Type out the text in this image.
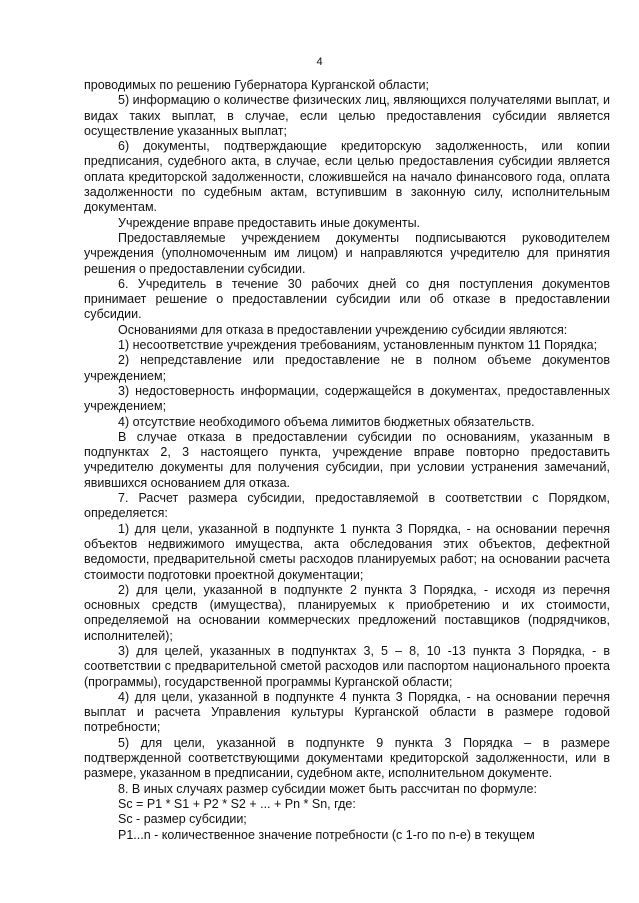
4

проводимых по решению Губернатора Курганской области;

5) информацию о количестве физических лиц, являющихся получателями выплат, и видах таких выплат, в случае, если целью предоставления субсидии является осуществление указанных выплат;

6) документы, подтверждающие кредиторскую задолженность, или копии предписания, судебного акта, в случае, если целью предоставления субсидии является оплата кредиторской задолженности, сложившейся на начало финансового года, оплата задолженности по судебным актам, вступившим в законную силу, исполнительным документам.

Учреждение вправе предоставить иные документы.

Предоставляемые учреждением документы подписываются руководителем учреждения (уполномоченным им лицом) и направляются учредителю для принятия решения о предоставлении субсидии.

6. Учредитель в течение 30 рабочих дней со дня поступления документов принимает решение о предоставлении субсидии или об отказе в предоставлении субсидии.

Основаниями для отказа в предоставлении учреждению субсидии являются:

1) несоответствие учреждения требованиям, установленным пунктом 11 Порядка;

2) непредставление или предоставление не в полном объеме документов учреждением;

3) недостоверность информации, содержащейся в документах, предоставленных учреждением;

4) отсутствие необходимого объема лимитов бюджетных обязательств.

В случае отказа в предоставлении субсидии по основаниям, указанным в подпунктах 2, 3 настоящего пункта, учреждение вправе повторно предоставить учредителю документы для получения субсидии, при условии устранения замечаний, явившихся основанием для отказа.

7. Расчет размера субсидии, предоставляемой в соответствии с Порядком, определяется:

1) для цели, указанной в подпункте 1 пункта 3 Порядка, - на основании перечня объектов недвижимого имущества, акта обследования этих объектов, дефектной ведомости, предварительной сметы расходов планируемых работ; на основании расчета стоимости подготовки проектной документации;

2) для цели, указанной в подпункте 2 пункта 3 Порядка, - исходя из перечня основных средств (имущества), планируемых к приобретению и их стоимости, определяемой на основании коммерческих предложений поставщиков (подрядчиков, исполнителей);

3) для целей, указанных в подпунктах 3, 5 – 8, 10 -13 пункта 3 Порядка, - в соответствии с предварительной сметой расходов или паспортом национального проекта (программы), государственной программы Курганской области;

4) для цели, указанной в подпункте 4 пункта 3 Порядка, - на основании перечня выплат и расчета Управления культуры Курганской области в размере годовой потребности;

5) для цели, указанной в подпункте 9 пункта 3 Порядка – в размере подтвержденной соответствующими документами кредиторской задолженности, или в размере, указанном в предписании, судебном акте, исполнительном документе.

8. В иных случаях размер субсидии может быть рассчитан по формуле:

Sc = P1 * S1 + P2 * S2 + ... + Pn * Sn, где:

Sc - размер субсидии;

P1...n - количественное значение потребности (с 1-го по n-е) в текущем
